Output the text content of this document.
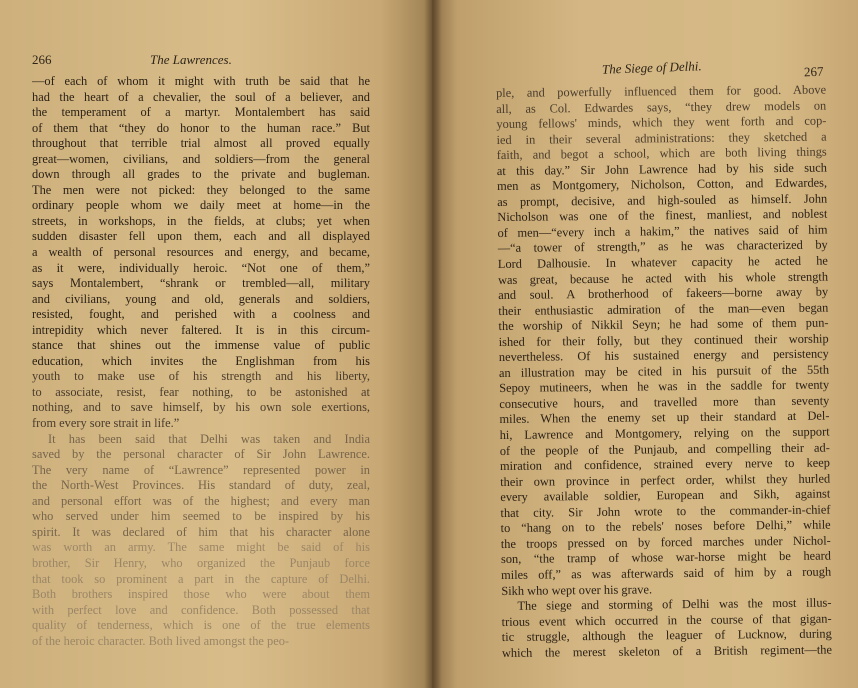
266	The Lawrences.
—of each of whom it might with truth be said that he
had the heart of a chevalier, the soul of a believer, and
the temperament of a martyr. Montalembert has said
of them that “they do honor to the human race.” But
throughout that terrible trial almost all proved equally
great—women, civilians, and soldiers—from the general
down through all grades to the private and bugleman.
The men were not picked: they belonged to the same
ordinary people whom we daily meet at home—in the
streets, in workshops, in the fields, at clubs; yet when
sudden disaster fell upon them, each and all displayed
a wealth of personal resources and energy, and became,
as it were, individually heroic. “Not one of them,”
says Montalembert, “shrank or trembled—all, military
and civilians, young and old, generals and soldiers,
resisted, fought, and perished with a coolness and
intrepidity which never faltered. It is in this circum-
stance that shines out the immense value of public
education, which invites the Englishman from his
youth to make use of his strength and his liberty,
to associate, resist, fear nothing, to be astonished at
nothing, and to save himself, by his own sole exertions,
from every sore strait in life.”
It has been said that Delhi was taken and India
saved by the personal character of Sir John Lawrence.
The very name of “Lawrence” represented power in
the North-West Provinces. His standard of duty, zeal,
and personal effort was of the highest; and every man
who served under him seemed to be inspired by his
spirit. It was declared of him that his character alone
was worth an army. The same might be said of his
brother, Sir Henry, who organized the Punjaub force
that took so prominent a part in the capture of Delhi.
Both brothers inspired those who were about them
with perfect love and confidence. Both possessed that
quality of tenderness, which is one of the true elements
of the heroic character. Both lived amongst the peo-
The Siege of Delhi.	267
ple, and powerfully influenced them for good. Above
all, as Col. Edwardes says, “they drew models on
young fellows' minds, which they went forth and cop-
ied in their several administrations: they sketched a
faith, and begot a school, which are both living things
at this day.” Sir John Lawrence had by his side such
men as Montgomery, Nicholson, Cotton, and Edwardes,
as prompt, decisive, and high-souled as himself. John
Nicholson was one of the finest, manliest, and noblest
of men—“every inch a hakim,” the natives said of him
—“a tower of strength,” as he was characterized by
Lord Dalhousie. In whatever capacity he acted he
was great, because he acted with his whole strength
and soul. A brotherhood of fakeers—borne away by
their enthusiastic admiration of the man—even began
the worship of Nikkil Seyn; he had some of them pun-
ished for their folly, but they continued their worship
nevertheless. Of his sustained energy and persistency
an illustration may be cited in his pursuit of the 55th
Sepoy mutineers, when he was in the saddle for twenty
consecutive hours, and travelled more than seventy
miles. When the enemy set up their standard at Del-
hi, Lawrence and Montgomery, relying on the support
of the people of the Punjaub, and compelling their ad-
miration and confidence, strained every nerve to keep
their own province in perfect order, whilst they hurled
every available soldier, European and Sikh, against
that city. Sir John wrote to the commander-in-chief
to “hang on to the rebels' noses before Delhi,” while
the troops pressed on by forced marches under Nichol-
son, “the tramp of whose war-horse might be heard
miles off,” as was afterwards said of him by a rough
Sikh who wept over his grave.
The siege and storming of Delhi was the most illus-
trious event which occurred in the course of that gigan-
tic struggle, although the leaguer of Lucknow, during
which the merest skeleton of a British regiment—the
